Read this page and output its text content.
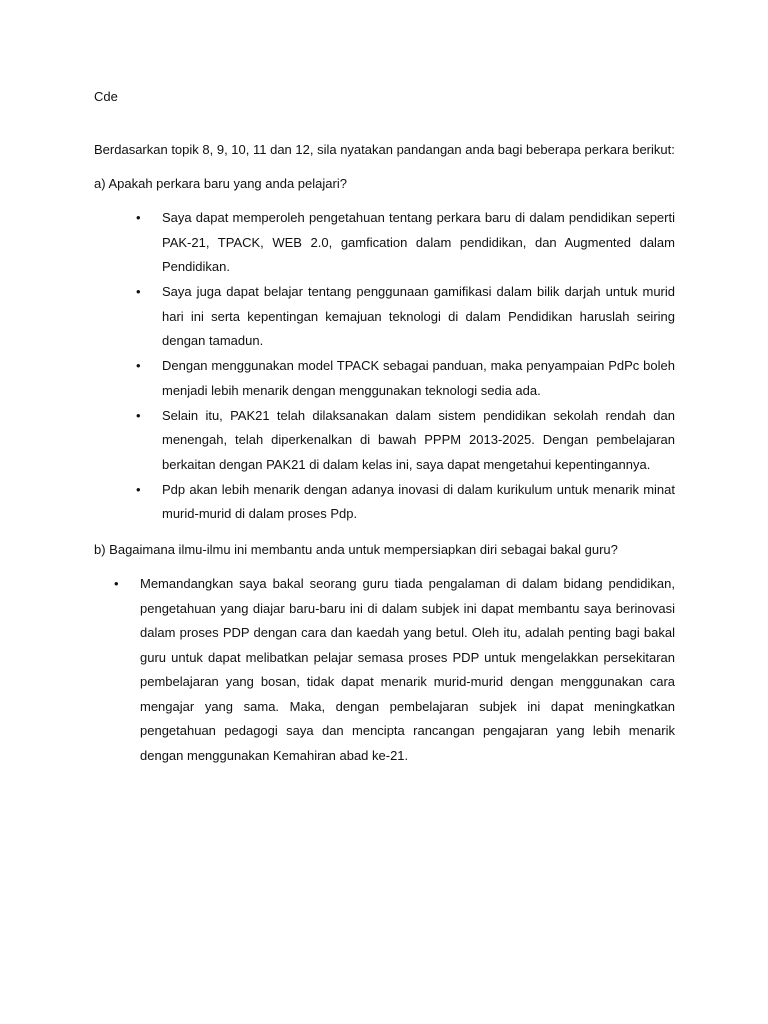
Cde
Berdasarkan topik 8, 9, 10, 11 dan 12, sila nyatakan pandangan anda bagi beberapa perkara berikut:
a) Apakah perkara baru yang anda pelajari?
• Saya dapat memperoleh pengetahuan tentang perkara baru di dalam pendidikan seperti PAK-21, TPACK, WEB 2.0, gamfication dalam pendidikan, dan Augmented dalam Pendidikan.
• Saya juga dapat belajar tentang penggunaan gamifikasi dalam bilik darjah untuk murid hari ini serta kepentingan kemajuan teknologi di dalam Pendidikan haruslah seiring dengan tamadun.
• Dengan menggunakan model TPACK sebagai panduan, maka penyampaian PdPc boleh menjadi lebih menarik dengan menggunakan teknologi sedia ada.
• Selain itu, PAK21 telah dilaksanakan dalam sistem pendidikan sekolah rendah dan menengah, telah diperkenalkan di bawah PPPM 2013-2025. Dengan pembelajaran berkaitan dengan PAK21 di dalam kelas ini, saya dapat mengetahui kepentingannya.
• Pdp akan lebih menarik dengan adanya inovasi di dalam kurikulum untuk menarik minat murid-murid di dalam proses Pdp.
b) Bagaimana ilmu-ilmu ini membantu anda untuk mempersiapkan diri sebagai bakal guru?
• Memandangkan saya bakal seorang guru tiada pengalaman di dalam bidang pendidikan, pengetahuan yang diajar baru-baru ini di dalam subjek ini dapat membantu saya berinovasi dalam proses PDP dengan cara dan kaedah yang betul. Oleh itu, adalah penting bagi bakal guru untuk dapat melibatkan pelajar semasa proses PDP untuk mengelakkan persekitaran pembelajaran yang bosan, tidak dapat menarik murid-murid dengan menggunakan cara mengajar yang sama. Maka, dengan pembelajaran subjek ini dapat meningkatkan pengetahuan pedagogi saya dan mencipta rancangan pengajaran yang lebih menarik dengan menggunakan Kemahiran abad ke-21.
